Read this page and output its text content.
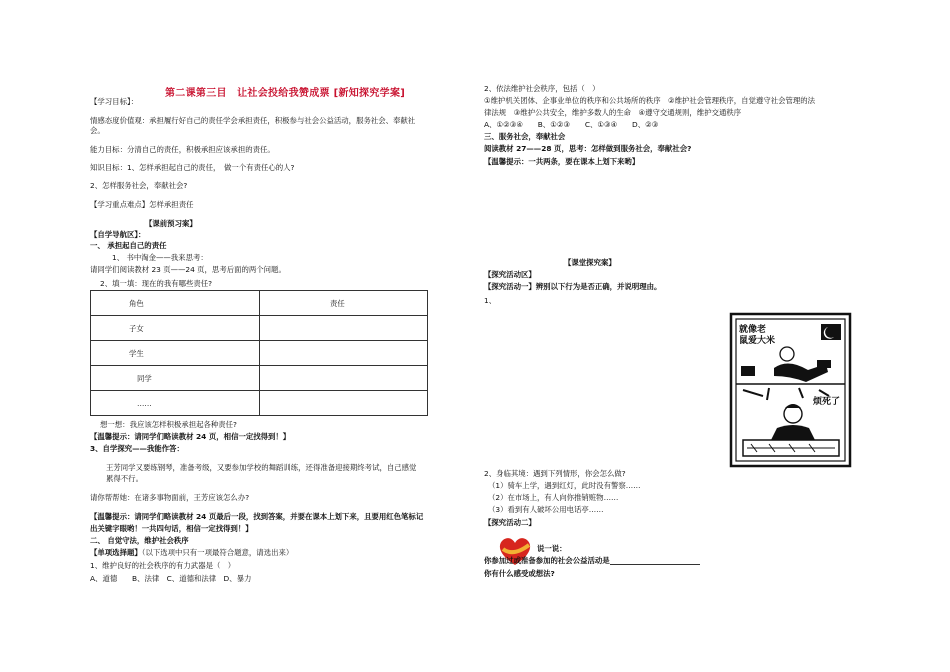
第二课第三目　让社会投给我赞成票 [新知探究学案]
【学习目标】：
情感态度价值观：承担履行好自己的责任学会承担责任，积极参与社会公益活动，服务社会、奉献社
会。
能力目标：分清自己的责任，积极承担应该承担的责任。
知识目标：1、怎样承担起自己的责任，　做一个有责任心的人?
2、怎样服务社会，奉献社会?
【学习重点难点】怎样承担责任
【课前预习案】
【自学导航区】：
一、 承担起自己的责任
1、 书中淘金——我来思考：
请同学们阅读教材 23 页——24 页，思考后面的两个问题。
2、填一填：现在的我有哪些责任?
角色	责任
子女	
学生	
同学	
……	
想一想：我应该怎样积极承担起各种责任?
【温馨提示：请同学们略读教材 24 页，相信一定找得到！】
3、自学探究——我能作答：
王芳同学又要练钢琴，准备考级，又要参加学校的舞蹈训练，还得准备迎接期终考试，自己感觉
累得不行。
请你帮帮她：在诸多事物面前，王芳应该怎么办?
【温馨提示：请同学们略读教材 24 页最后一段，找到答案，并要在课本上划下来，且要用红色笔标记
出关键字眼哟！一共四句话，相信一定找得到！】
二、 自觉守法，维护社会秩序
【单项选择题】（以下选项中只有一项最符合题意，请选出来）
1、维护良好的社会秩序的有力武器是（　）
A、道德　　B、法律　C、道德和法律　D、暴力
2、依法维护社会秩序，包括（　）
①维护机关团体、企事业单位的秩序和公共场所的秩序　②维护社会管理秩序，自觉遵守社会管理的法
律法规　③维护公共安全，维护多数人的生命　④遵守交通规则，维护交通秩序
A、①②③④　　B、①②③　　C、①③④　　D、②③
三、服务社会，奉献社会
阅读教材 27——28 页，思考：怎样做到服务社会，奉献社会?
【温馨提示：一共两条，要在课本上划下来哟】
【课堂探究案】
【探究活动区】
【探究活动一】辨别以下行为是否正确，并说明理由。
1、
就像老
鼠爱大米
烦死了
2、身临其境：遇到下列情形，你会怎么做?
（1）骑车上学，遇到红灯，此时没有警察……
（2）在市场上，有人向你推销赃物……
（3）看到有人破坏公用电话亭……
【探究活动二】
说一说：
你参加过或准备参加的社会公益活动是
你有什么感受或想法?
